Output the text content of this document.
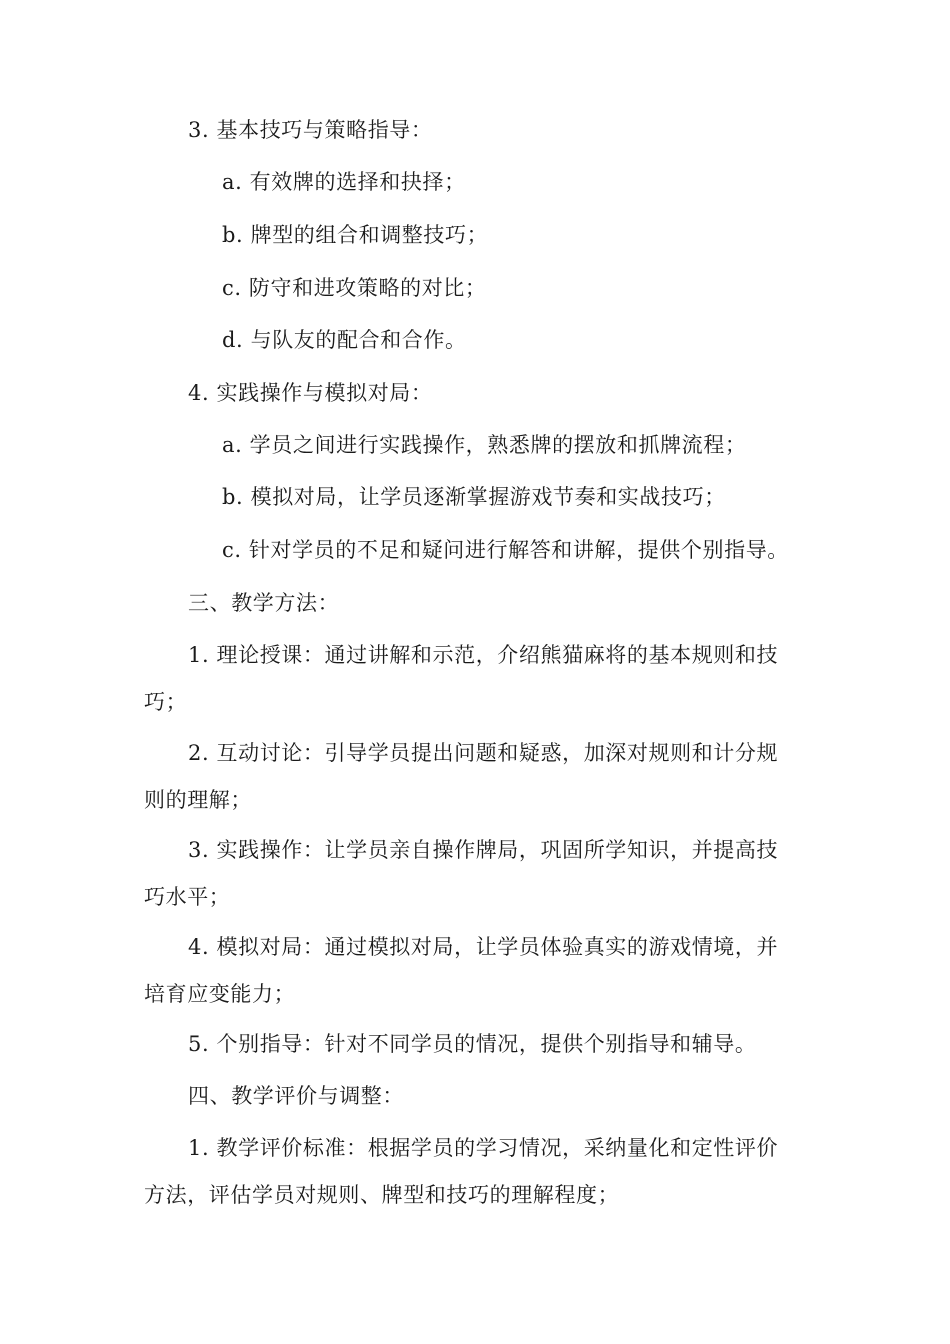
3. 基本技巧与策略指导：
a. 有效牌的选择和抉择；
b. 牌型的组合和调整技巧；
c. 防守和进攻策略的对比；
d. 与队友的配合和合作。
4. 实践操作与模拟对局：
a. 学员之间进行实践操作，熟悉牌的摆放和抓牌流程；
b. 模拟对局，让学员逐渐掌握游戏节奏和实战技巧；
c. 针对学员的不足和疑问进行解答和讲解，提供个别指导。
三、教学方法：
1. 理论授课：通过讲解和示范，介绍熊猫麻将的基本规则和技
巧；
2. 互动讨论：引导学员提出问题和疑惑，加深对规则和计分规
则的理解；
3. 实践操作：让学员亲自操作牌局，巩固所学知识，并提高技
巧水平；
4. 模拟对局：通过模拟对局，让学员体验真实的游戏情境，并
培育应变能力；
5. 个别指导：针对不同学员的情况，提供个别指导和辅导。
四、教学评价与调整：
1. 教学评价标准：根据学员的学习情况，采纳量化和定性评价
方法，评估学员对规则、牌型和技巧的理解程度；
